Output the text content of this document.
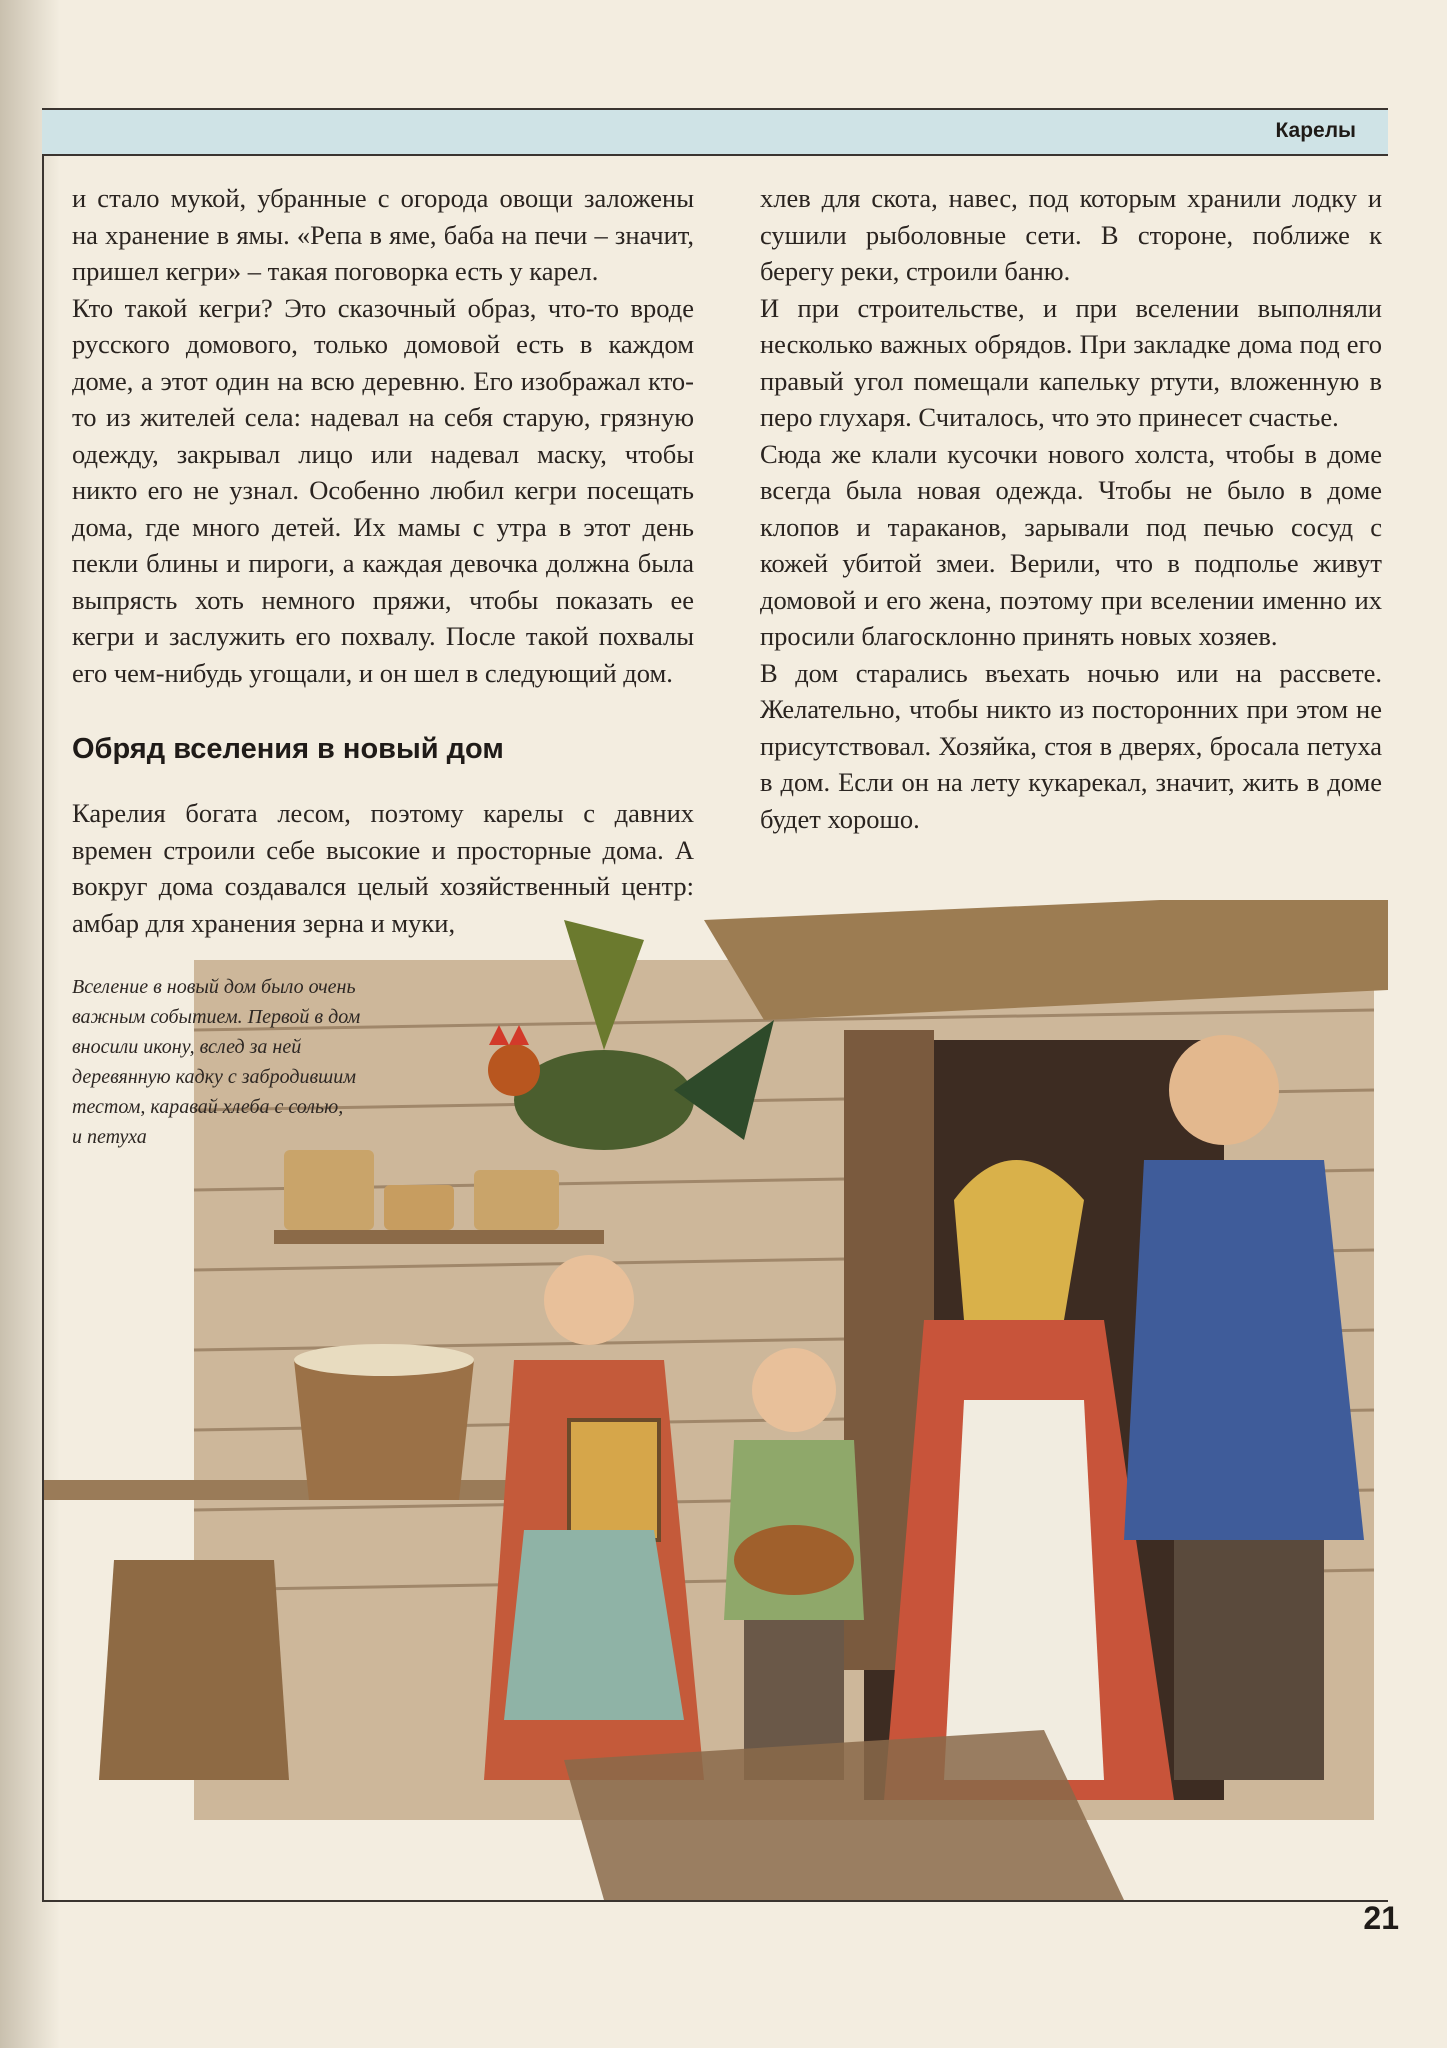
Карелы

и стало мукой, убранные с огорода овощи заложены на хранение в ямы. «Репа в яме, баба на печи – значит, пришел кегри» – такая поговорка есть у карел.

Кто такой кегри? Это сказочный образ, что-то вроде русского домового, только домовой есть в каждом доме, а этот один на всю деревню. Его изображал кто-то из жителей села: надевал на себя старую, грязную одежду, закрывал лицо или надевал маску, чтобы никто его не узнал. Особенно любил кегри посещать дома, где много детей. Их мамы с утра в этот день пекли блины и пироги, а каждая девочка должна была выпрясть хоть немного пряжи, чтобы показать ее кегри и заслужить его похвалу. После такой похвалы его чем-нибудь угощали, и он шел в следующий дом.

Обряд вселения в новый дом

Карелия богата лесом, поэтому карелы с давних времен строили себе высокие и просторные дома. А вокруг дома создавался целый хозяйственный центр: амбар для хранения зерна и муки,

хлев для скота, навес, под которым хранили лодку и сушили рыболовные сети. В стороне, поближе к берегу реки, строили баню.

И при строительстве, и при вселении выполняли несколько важных обрядов. При закладке дома под его правый угол помещали капельку ртути, вложенную в перо глухаря. Считалось, что это принесет счастье.

Сюда же клали кусочки нового холста, чтобы в доме всегда была новая одежда. Чтобы не было в доме клопов и тараканов, зарывали под печью сосуд с кожей убитой змеи. Верили, что в подполье живут домовой и его жена, поэтому при вселении именно их просили благосклонно принять новых хозяев.

В дом старались въехать ночью или на рассвете. Желательно, чтобы никто из посторонних при этом не присутствовал. Хозяйка, стоя в дверях, бросала петуха в дом. Если он на лету кукарекал, значит, жить в доме будет хорошо.

Вселение в новый дом было очень
важным событием. Первой в дом
вносили икону, вслед за ней
деревянную кадку с забродившим
тестом, каравай хлеба с солью,
и петуха
21
